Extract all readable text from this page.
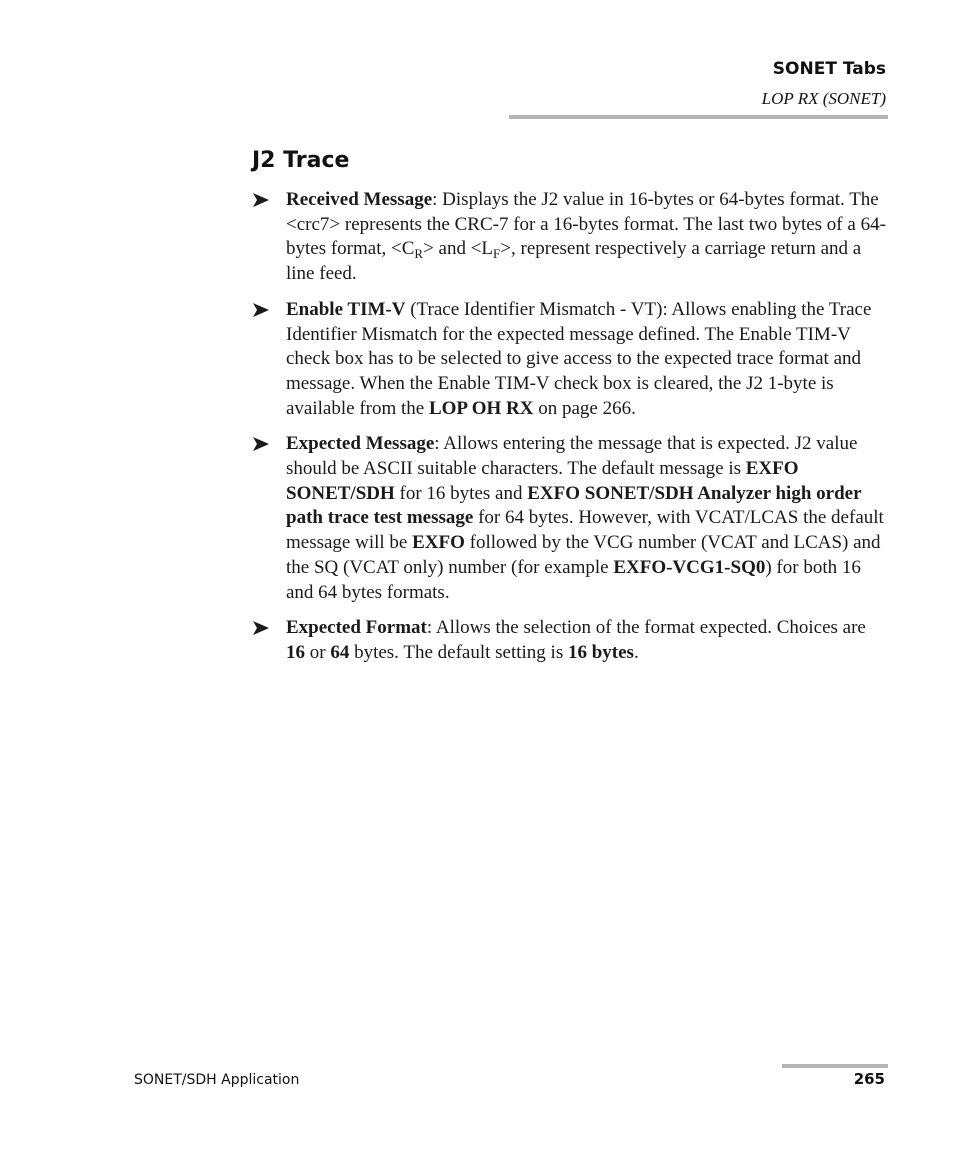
SONET Tabs
LOP RX (SONET)
J2 Trace
Received Message: Displays the J2 value in 16-bytes or 64-bytes format. The <crc7> represents the CRC-7 for a 16-bytes format. The last two bytes of a 64-bytes format, $<C_R>$ and $<L_F>$, represent respectively a carriage return and a line feed.
Enable TIM-V (Trace Identifier Mismatch - VT): Allows enabling the Trace Identifier Mismatch for the expected message defined. The Enable TIM-V check box has to be selected to give access to the expected trace format and message. When the Enable TIM-V check box is cleared, the J2 1-byte is available from the LOP OH RX on page 266.
Expected Message: Allows entering the message that is expected. J2 value should be ASCII suitable characters. The default message is EXFO SONET/SDH for 16 bytes and EXFO SONET/SDH Analyzer high order path trace test message for 64 bytes. However, with VCAT/LCAS the default message will be EXFO followed by the VCG number (VCAT and LCAS) and the SQ (VCAT only) number (for example EXFO-VCG1-SQ0) for both 16 and 64 bytes formats.
Expected Format: Allows the selection of the format expected. Choices are 16 or 64 bytes. The default setting is 16 bytes.
SONET/SDH Application	265
